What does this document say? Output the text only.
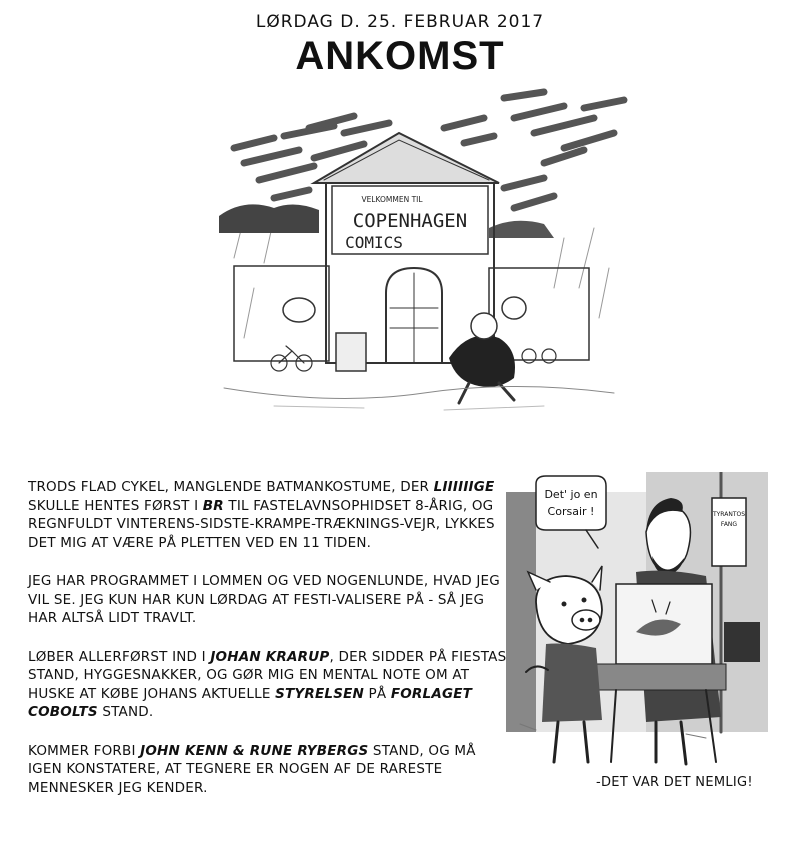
LØRDAG D. 25. FEBRUAR 2017
ANKOMST
VELKOMMEN TIL
COPENHAGEN
COMICS

TRODS FLAD CYKEL, MANGLENDE BATMANKOSTUME, DER LIIIIIIGE SKULLE HENTES FØRST I BR TIL FASTELAVNSOPHIDSET 8-ÅRIG, OG REGNFULDT VINTERENS-SIDSTE-KRAMPE-TRÆKNINGS-VEJR, LYKKES DET MIG AT VÆRE PÅ PLETTEN VED EN 11 TIDEN.

JEG HAR PROGRAMMET I LOMMEN OG VED NOGENLUNDE, HVAD JEG VIL SE. JEG KUN HAR KUN LØRDAG AT FESTI-VALISERE PÅ - SÅ JEG HAR ALTSÅ LIDT TRAVLT.

LØBER ALLERFØRST IND I JOHAN KRARUP, DER SIDDER PÅ FIESTAS STAND, HYGGESNAKKER, OG GØR MIG EN MENTAL NOTE OM AT HUSKE AT KØBE JOHANS AKTUELLE STYRELSEN PÅ FORLAGET COBOLTS STAND.

KOMMER FORBI JOHN KENN & RUNE RYBERGS STAND, OG MÅ IGEN KONSTATERE, AT TEGNERE ER NOGEN AF DE RARESTE MENNESKER JEG KENDER.

Det' jo en
Corsair !	TYRANTOS
FANG
-DET VAR DET NEMLIG!
